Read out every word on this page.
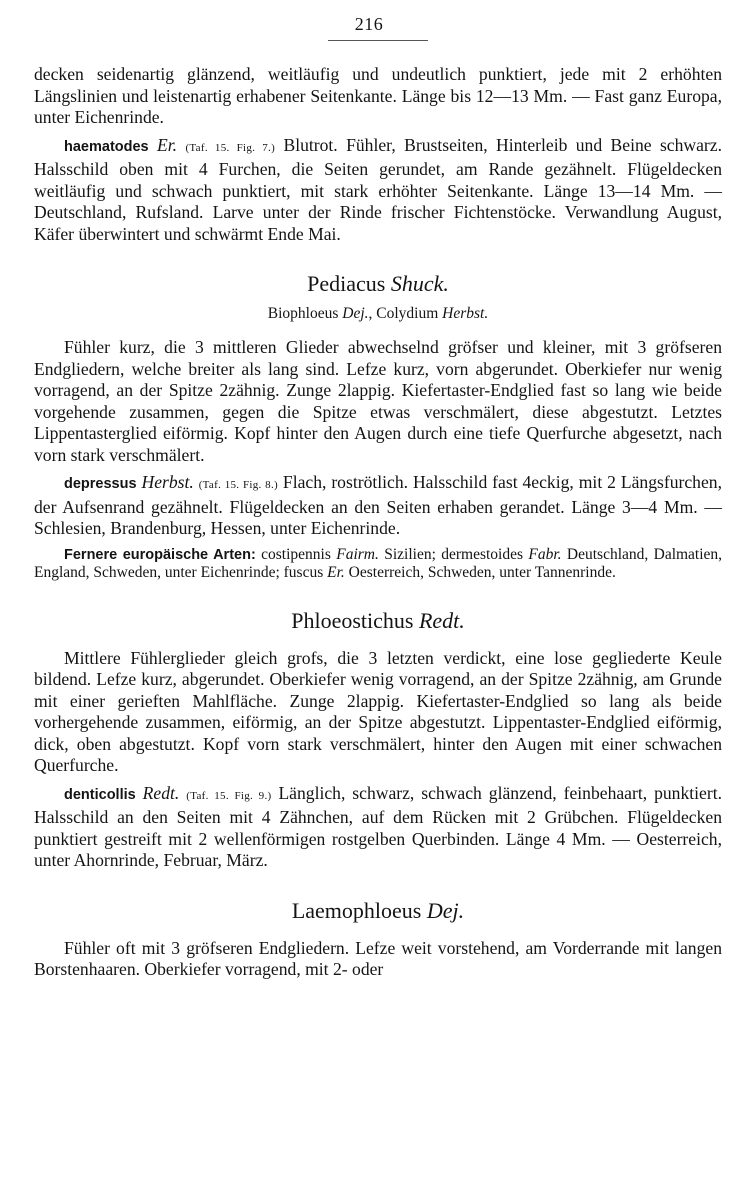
216

decken seidenartig glänzend, weitläufig und undeutlich punktiert, jede mit 2 erhöhten Längslinien und leistenartig erhabener Seitenkante. Länge bis 12—13 Mm. — Fast ganz Europa, unter Eichenrinde.

haematodes Er. (Taf. 15. Fig. 7.) Blutrot. Fühler, Brustseiten, Hinterleib und Beine schwarz. Halsschild oben mit 4 Furchen, die Seiten gerundet, am Rande gezähnelt. Flügeldecken weitläufig und schwach punktiert, mit stark erhöhter Seitenkante. Länge 13—14 Mm. — Deutschland, Rufsland. Larve unter der Rinde frischer Fichtenstöcke. Verwandlung August, Käfer überwintert und schwärmt Ende Mai.

Pediacus Shuck.
Biophloeus Dej., Colydium Herbst.

Fühler kurz, die 3 mittleren Glieder abwechselnd gröfser und kleiner, mit 3 gröfseren Endgliedern, welche breiter als lang sind. Lefze kurz, vorn abgerundet. Oberkiefer nur wenig vorragend, an der Spitze 2zähnig. Zunge 2lappig. Kiefertaster-Endglied fast so lang wie beide vorgehende zusammen, gegen die Spitze etwas verschmälert, diese abgestutzt. Letztes Lippentasterglied eiförmig. Kopf hinter den Augen durch eine tiefe Querfurche abgesetzt, nach vorn stark verschmälert.

depressus Herbst. (Taf. 15. Fig. 8.) Flach, roströtlich. Halsschild fast 4eckig, mit 2 Längsfurchen, der Aufsenrand gezähnelt. Flügeldecken an den Seiten erhaben gerandet. Länge 3—4 Mm. — Schlesien, Brandenburg, Hessen, unter Eichenrinde.

Fernere europäische Arten: costipennis Fairm. Sizilien; dermestoides Fabr. Deutschland, Dalmatien, England, Schweden, unter Eichenrinde; fuscus Er. Oesterreich, Schweden, unter Tannenrinde.

Phloeostichus Redt.

Mittlere Fühlerglieder gleich grofs, die 3 letzten verdickt, eine lose gegliederte Keule bildend. Lefze kurz, abgerundet. Oberkiefer wenig vorragend, an der Spitze 2zähnig, am Grunde mit einer gerieften Mahlfläche. Zunge 2lappig. Kiefertaster-Endglied so lang als beide vorhergehende zusammen, eiförmig, an der Spitze abgestutzt. Lippentaster-Endglied eiförmig, dick, oben abgestutzt. Kopf vorn stark verschmälert, hinter den Augen mit einer schwachen Querfurche.

denticollis Redt. (Taf. 15. Fig. 9.) Länglich, schwarz, schwach glänzend, feinbehaart, punktiert. Halsschild an den Seiten mit 4 Zähnchen, auf dem Rücken mit 2 Grübchen. Flügeldecken punktiert gestreift mit 2 wellenförmigen rostgelben Querbinden. Länge 4 Mm. — Oesterreich, unter Ahornrinde, Februar, März.

Laemophloeus Dej.

Fühler oft mit 3 gröfseren Endgliedern. Lefze weit vorstehend, am Vorderrande mit langen Borstenhaaren. Oberkiefer vorragend, mit 2- oder
